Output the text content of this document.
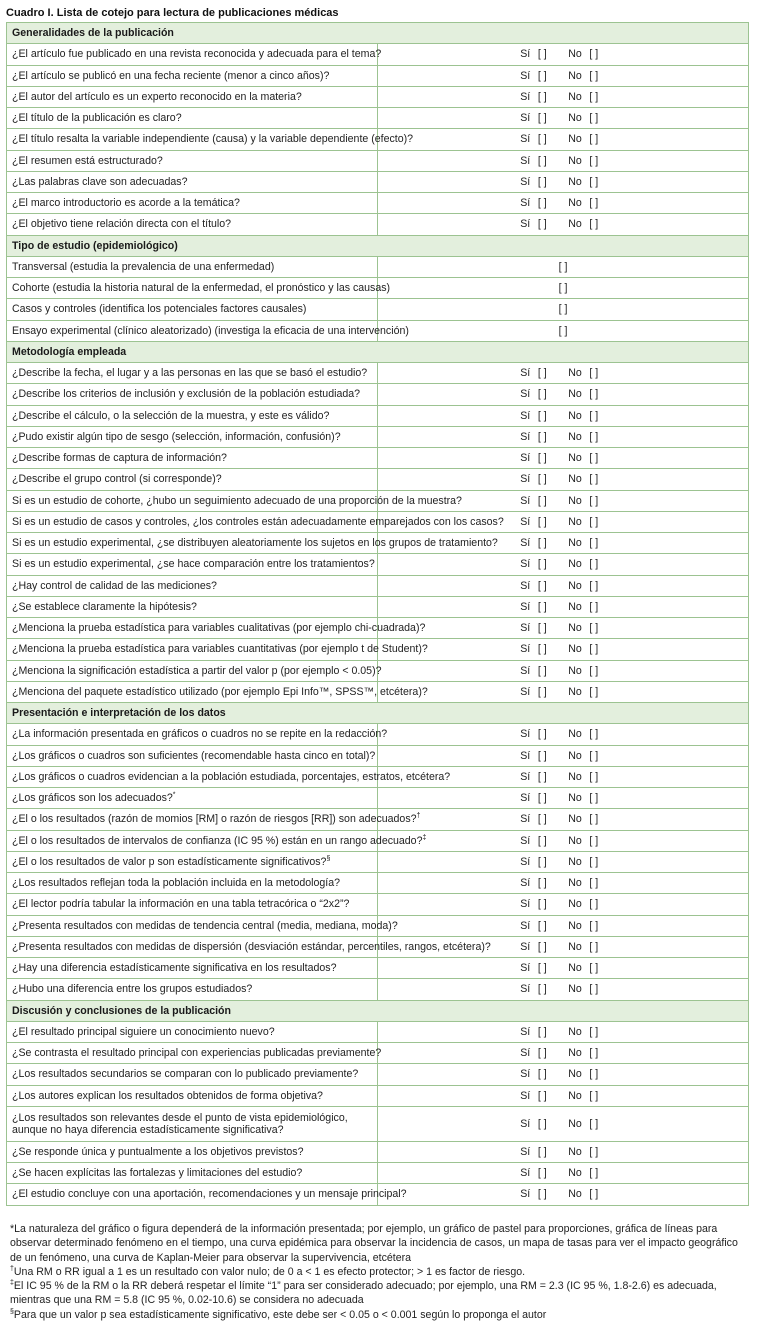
Cuadro I. Lista de cotejo para lectura de publicaciones médicas
Generalidades de la publicación	
¿El artículo fue publicado en una revista reconocida y adecuada para el tema?	Sí [ ] No [ ]
¿El artículo se publicó en una fecha reciente (menor a cinco años)?	Sí [ ] No [ ]
¿El autor del artículo es un experto reconocido en la materia?	Sí [ ] No [ ]
¿El título de la publicación es claro?	Sí [ ] No [ ]
¿El título resalta la variable independiente (causa) y la variable dependiente (efecto)?	Sí [ ] No [ ]
¿El resumen está estructurado?	Sí [ ] No [ ]
¿Las palabras clave son adecuadas?	Sí [ ] No [ ]
¿El marco introductorio es acorde a la temática?	Sí [ ] No [ ]
¿El objetivo tiene relación directa con el título?	Sí [ ] No [ ]
Tipo de estudio (epidemiológico)	
Transversal (estudia la prevalencia de una enfermedad)	[ ]
Cohorte (estudia la historia natural de la enfermedad, el pronóstico y las causas)	[ ]
Casos y controles (identifica los potenciales factores causales)	[ ]
Ensayo experimental (clínico aleatorizado) (investiga la eficacia de una intervención)	[ ]
Metodología empleada	
¿Describe la fecha, el lugar y a las personas en las que se basó el estudio?	Sí [ ] No [ ]
¿Describe los criterios de inclusión y exclusión de la población estudiada?	Sí [ ] No [ ]
¿Describe el cálculo, o la selección de la muestra, y este es válido?	Sí [ ] No [ ]
¿Pudo existir algún tipo de sesgo (selección, información, confusión)?	Sí [ ] No [ ]
¿Describe formas de captura de información?	Sí [ ] No [ ]
¿Describe el grupo control (si corresponde)?	Sí [ ] No [ ]
Si es un estudio de cohorte, ¿hubo un seguimiento adecuado de una proporción de la muestra?	Sí [ ] No [ ]
Si es un estudio de casos y controles, ¿los controles están adecuadamente emparejados con los casos?	Sí [ ] No [ ]
Si es un estudio experimental, ¿se distribuyen aleatoriamente los sujetos en los grupos de tratamiento?	Sí [ ] No [ ]
Si es un estudio experimental, ¿se hace comparación entre los tratamientos?	Sí [ ] No [ ]
¿Hay control de calidad de las mediciones?	Sí [ ] No [ ]
¿Se establece claramente la hipótesis?	Sí [ ] No [ ]
¿Menciona la prueba estadística para variables cualitativas (por ejemplo chi-cuadrada)?	Sí [ ] No [ ]
¿Menciona la prueba estadística para variables cuantitativas (por ejemplo t de Student)?	Sí [ ] No [ ]
¿Menciona la significación estadística a partir del valor p (por ejemplo < 0.05)?	Sí [ ] No [ ]
¿Menciona del paquete estadístico utilizado (por ejemplo Epi Info™, SPSS™, etcétera)?	Sí [ ] No [ ]
Presentación e interpretación de los datos	
¿La información presentada en gráficos o cuadros no se repite en la redacción?	Sí [ ] No [ ]
¿Los gráficos o cuadros son suficientes (recomendable hasta cinco en total)?	Sí [ ] No [ ]
¿Los gráficos o cuadros evidencian a la población estudiada, porcentajes, estratos, etcétera?	Sí [ ] No [ ]
¿Los gráficos son los adecuados?*	Sí [ ] No [ ]
¿El o los resultados (razón de momios [RM] o razón de riesgos [RR]) son adecuados?†	Sí [ ] No [ ]
¿El o los resultados de intervalos de confianza (IC 95 %) están en un rango adecuado?‡	Sí [ ] No [ ]
¿El o los resultados de valor p son estadísticamente significativos?§	Sí [ ] No [ ]
¿Los resultados reflejan toda la población incluida en la metodología?	Sí [ ] No [ ]
¿El lector podría tabular la información en una tabla tetracórica o “2x2”?	Sí [ ] No [ ]
¿Presenta resultados con medidas de tendencia central (media, mediana, moda)?	Sí [ ] No [ ]
¿Presenta resultados con medidas de dispersión (desviación estándar, percentiles, rangos, etcétera)?	Sí [ ] No [ ]
¿Hay una diferencia estadísticamente significativa en los resultados?	Sí [ ] No [ ]
¿Hubo una diferencia entre los grupos estudiados?	Sí [ ] No [ ]
Discusión y conclusiones de la publicación	
¿El resultado principal siguiere un conocimiento nuevo?	Sí [ ] No [ ]
¿Se contrasta el resultado principal con experiencias publicadas previamente?	Sí [ ] No [ ]
¿Los resultados secundarios se comparan con lo publicado previamente?	Sí [ ] No [ ]
¿Los autores explican los resultados obtenidos de forma objetiva?	Sí [ ] No [ ]
¿Los resultados son relevantes desde el punto de vista epidemiológico, aunque no haya diferencia estadísticamente significativa?	Sí [ ] No [ ]
¿Se responde única y puntualmente a los objetivos previstos?	Sí [ ] No [ ]
¿Se hacen explícitas las fortalezas y limitaciones del estudio?	Sí [ ] No [ ]
¿El estudio concluye con una aportación, recomendaciones y un mensaje principal?	Sí [ ] No [ ]

*La naturaleza del gráfico o figura dependerá de la información presentada; por ejemplo, un gráfico de pastel para proporciones, gráfica de líneas para observar determinado fenómeno en el tiempo, una curva epidémica para observar la incidencia de casos, un mapa de tasas para ver el impacto geográfico de un fenómeno, una curva de Kaplan-Meier para observar la supervivencia, etcétera

†Una RM o RR igual a 1 es un resultado con valor nulo; de 0 a < 1 es efecto protector; > 1 es factor de riesgo.

‡El IC 95 % de la RM o la RR deberá respetar el límite “1” para ser considerado adecuado; por ejemplo, una RM = 2.3 (IC 95 %, 1.8-2.6) es adecuada, mientras que una RM = 5.8 (IC 95 %, 0.02-10.6) se considera no adecuada

§Para que un valor p sea estadísticamente significativo, este debe ser < 0.05 o < 0.001 según lo proponga el autor
